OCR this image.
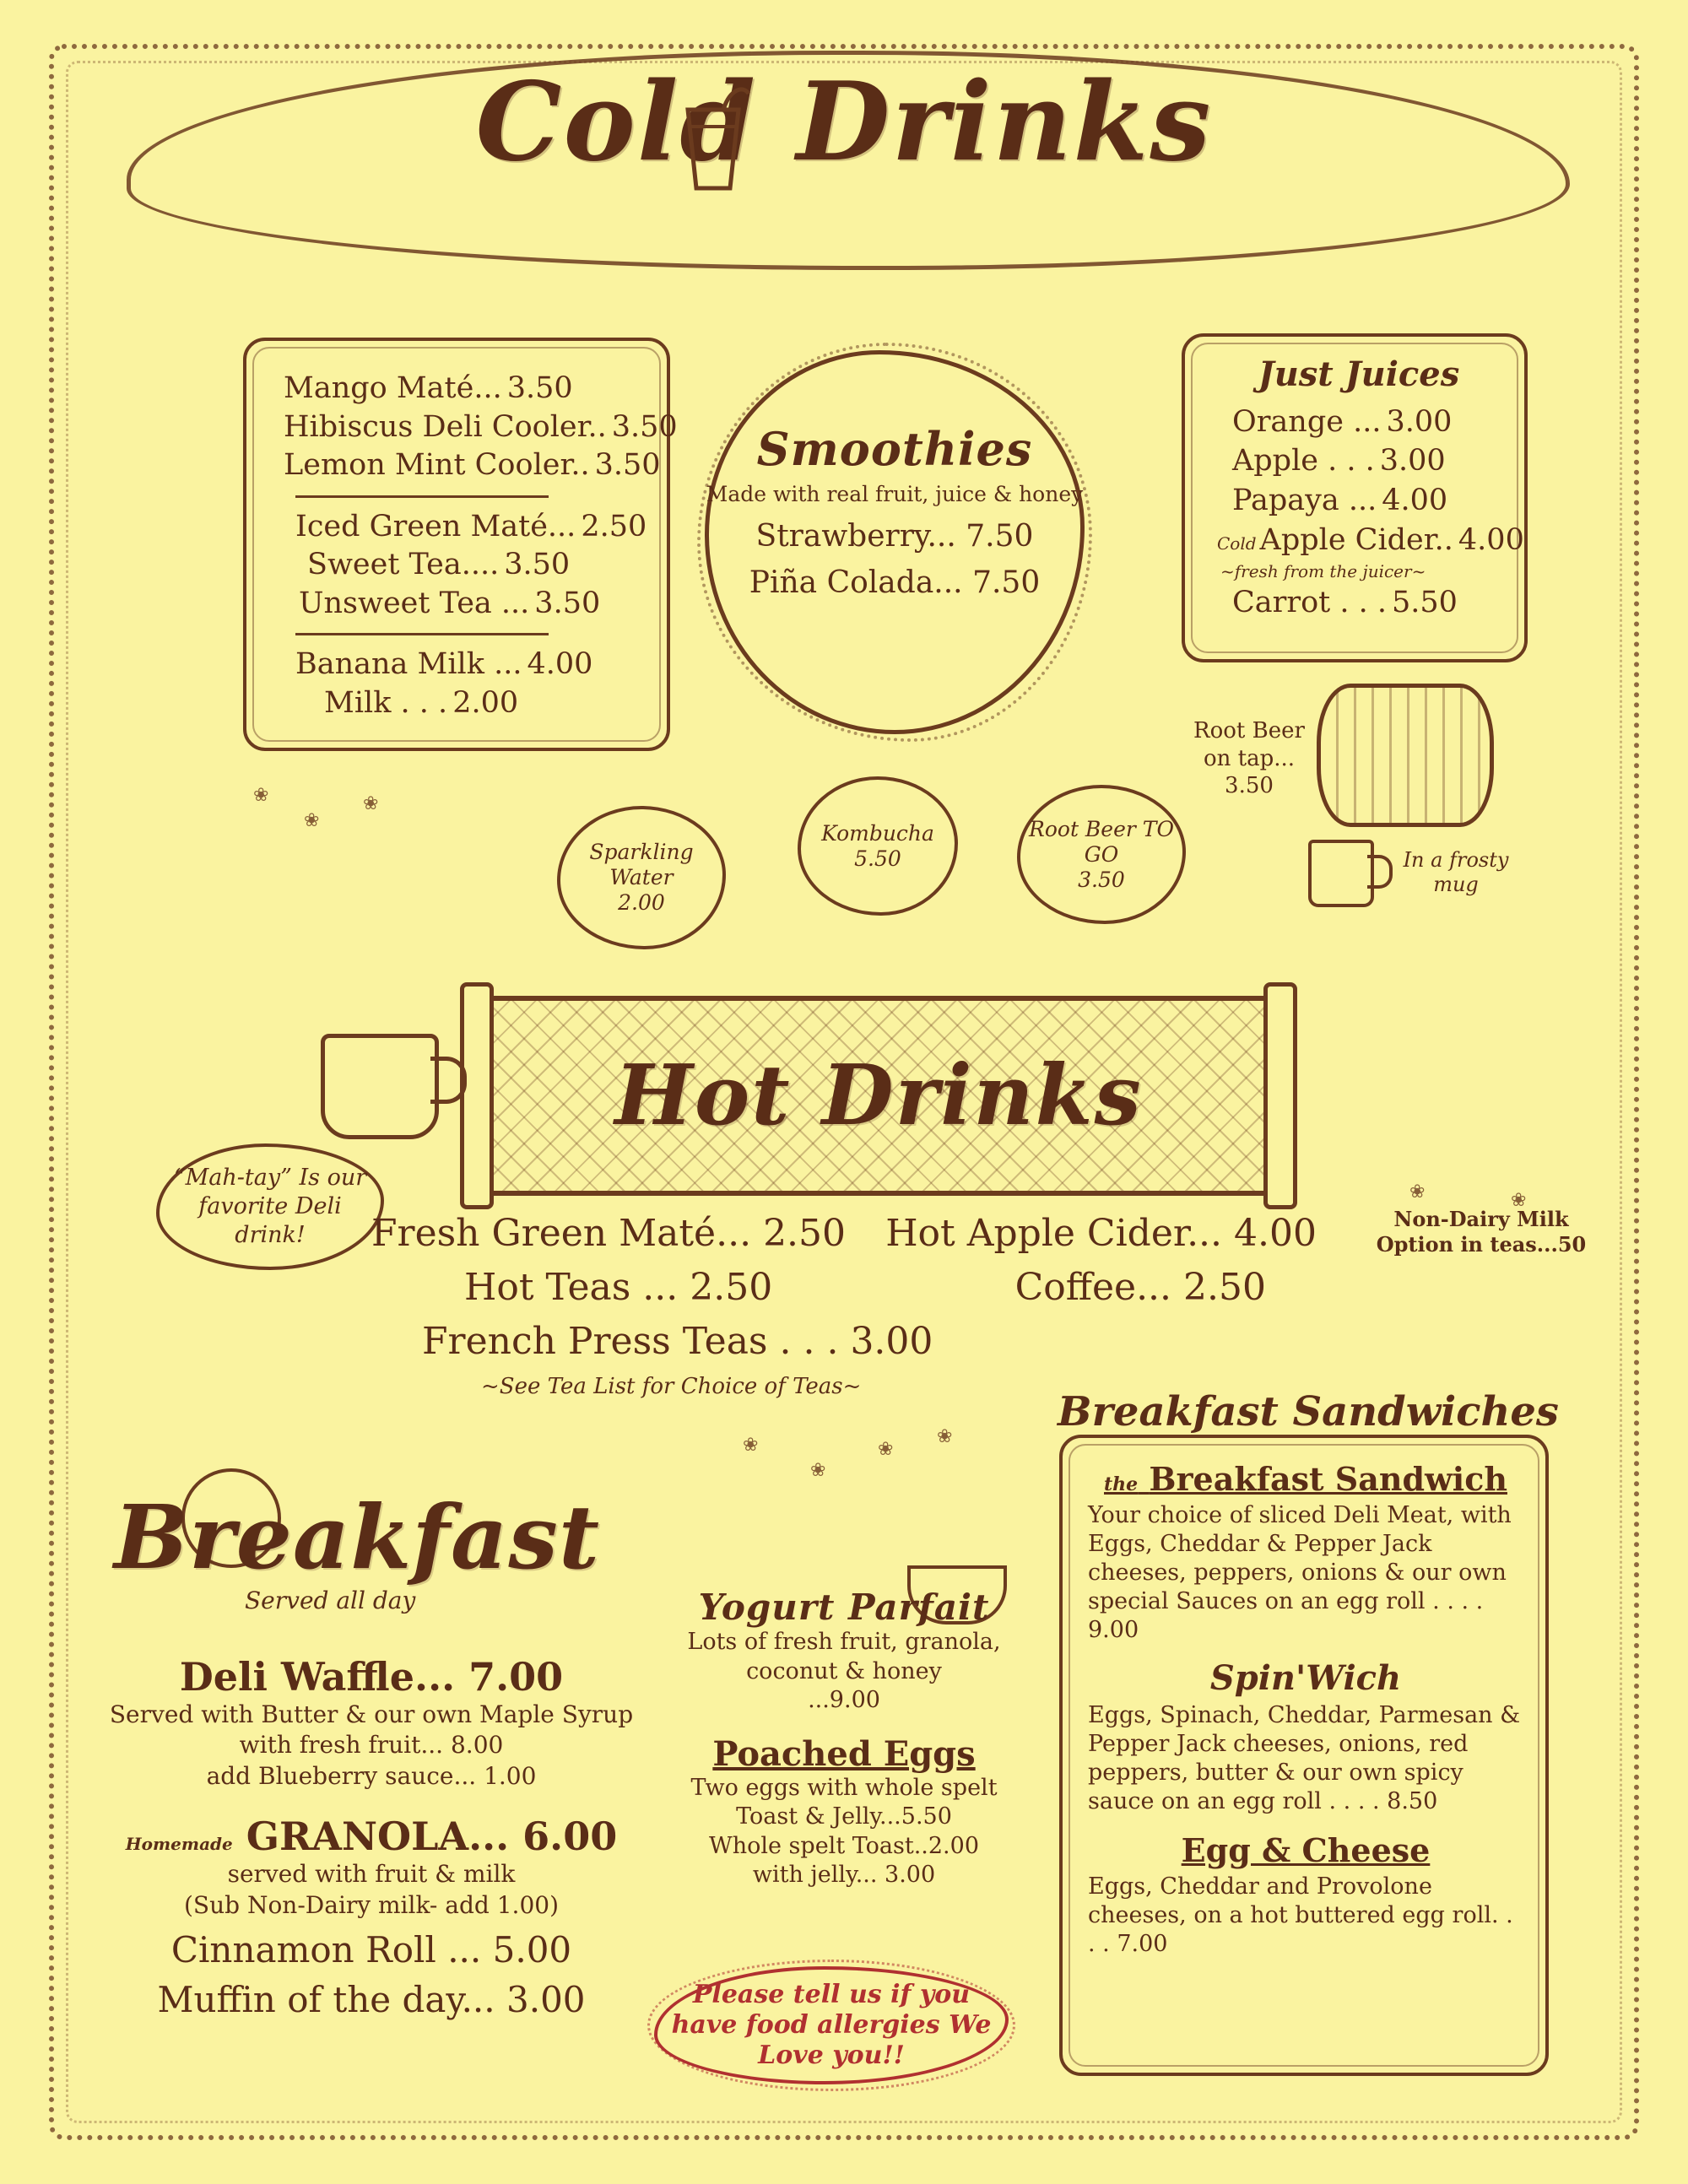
Cold Drinks
Mango Maté... 3.50
Hibiscus Deli Cooler.. 3.50
Lemon Mint Cooler.. 3.50
Iced Green Maté... 2.50
Sweet Tea.... 3.50
Unsweet Tea ... 3.50
Banana Milk ... 4.00
Milk . . . 2.00
Smoothies
Made with real fruit, juice & honey
Strawberry... 7.50
Piña Colada... 7.50
Just Juices
Orange ... 3.00
Apple . . . 3.00
Papaya ... 4.00
Cold Apple Cider.. 4.00
~fresh from the juicer~
Carrot . . . 5.50
Sparkling Water
2.00
Kombucha
5.50
Root Beer TO GO
3.50
Root Beer on tap...
3.50
In a frosty mug
Hot Drinks
“Mah-tay” Is our favorite Deli drink!	Fresh Green Maté... 2.50 Hot Apple Cider... 4.00
Hot Teas ... 2.50	Coffee... 2.50
French Press Teas . . . 3.00
~See Tea List for Choice of Teas~
Non-Dairy Milk Option in teas...50
Breakfast
Served all day
Deli Waffle... 7.00
Served with Butter & our own Maple Syrup
with fresh fruit... 8.00
add Blueberry sauce... 1.00
Homemade GRANOLA... 6.00
served with fruit & milk
(Sub Non-Dairy milk- add 1.00)
Cinnamon Roll ... 5.00
Muffin of the day... 3.00
Yogurt Parfait
Lots of fresh fruit, granola, coconut & honey
...9.00
Poached Eggs
Two eggs with whole spelt
Toast & Jelly...5.50
Whole spelt Toast..2.00
with jelly... 3.00
Please tell us if you have food allergies We Love you!!
Breakfast Sandwiches
the Breakfast Sandwich
Your choice of sliced Deli Meat, with Eggs, Cheddar & Pepper Jack cheeses, peppers, onions & our own special Sauces on an egg roll . . . . 9.00
Spin'Wich
Eggs, Spinach, Cheddar, Parmesan & Pepper Jack cheeses, onions, red peppers, butter & our own spicy sauce on an egg roll . . . . 8.50
Egg & Cheese
Eggs, Cheddar and Provolone cheeses, on a hot buttered egg roll. . . . 7.00
❀
❀
❀
❀
❀
❀
❀
❀	❀
